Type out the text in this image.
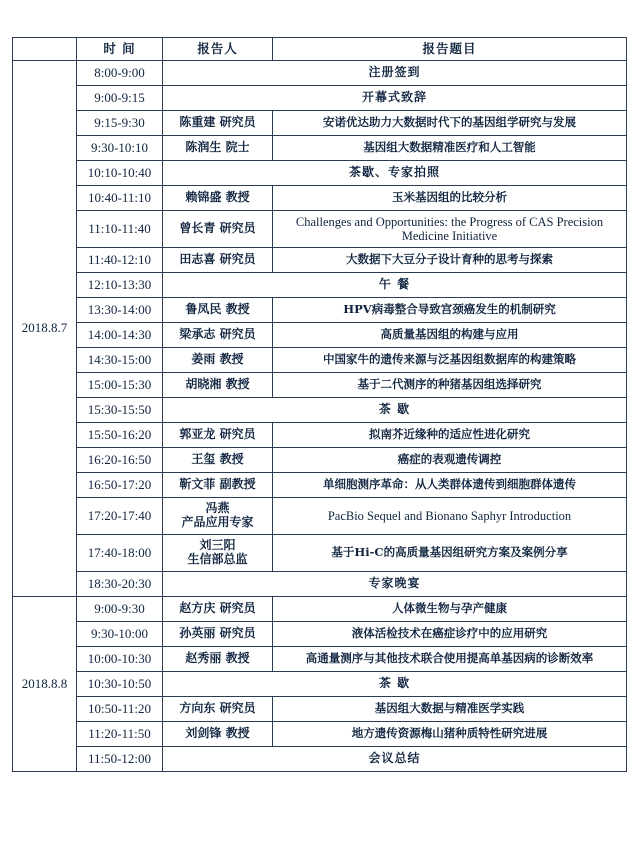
	时 间	报告人	报告题目
2018.8.7	8:00-9:00	注册签到	
	9:00-9:15	开幕式致辞	
	9:15-9:30	陈重建 研究员	安诺优达助力大数据时代下的基因组学研究与发展
	9:30-10:10	陈润生 院士	基因组大数据精准医疗和人工智能
	10:10-10:40	茶歇、专家拍照	
	10:40-11:10	赖锦盛 教授	玉米基因组的比较分析
	11:10-11:40	曾长青 研究员	Challenges and Opportunities: the Progress of CAS Precision Medicine Initiative
	11:40-12:10	田志喜 研究员	大数据下大豆分子设计育种的思考与探索
	12:10-13:30	午 餐	
	13:30-14:00	鲁凤民 教授	HPV病毒整合导致宫颈癌发生的机制研究
	14:00-14:30	梁承志 研究员	高质量基因组的构建与应用
	14:30-15:00	姜雨 教授	中国家牛的遗传来源与泛基因组数据库的构建策略
	15:00-15:30	胡晓湘 教授	基于二代测序的种猪基因组选择研究
	15:30-15:50	茶 歇	
	15:50-16:20	郭亚龙 研究员	拟南芥近缘种的适应性进化研究
	16:20-16:50	王玺 教授	癌症的表观遗传调控
	16:50-17:20	靳文菲 副教授	单细胞测序革命：从人类群体遗传到细胞群体遗传
	17:20-17:40	冯燕
产品应用专家	PacBio Sequel and Bionano Saphyr Introduction
	17:40-18:00	刘三阳
生信部总监	基于Hi-C的高质量基因组研究方案及案例分享
	18:30-20:30	专家晚宴	
2018.8.8	9:00-9:30	赵方庆 研究员	人体微生物与孕产健康
	9:30-10:00	孙英丽 研究员	液体活检技术在癌症诊疗中的应用研究
	10:00-10:30	赵秀丽 教授	高通量测序与其他技术联合使用提高单基因病的诊断效率
	10:30-10:50	茶 歇	
	10:50-11:20	方向东 研究员	基因组大数据与精准医学实践
	11:20-11:50	刘剑锋 教授	地方遗传资源梅山猪种质特性研究进展
	11:50-12:00	会议总结	
